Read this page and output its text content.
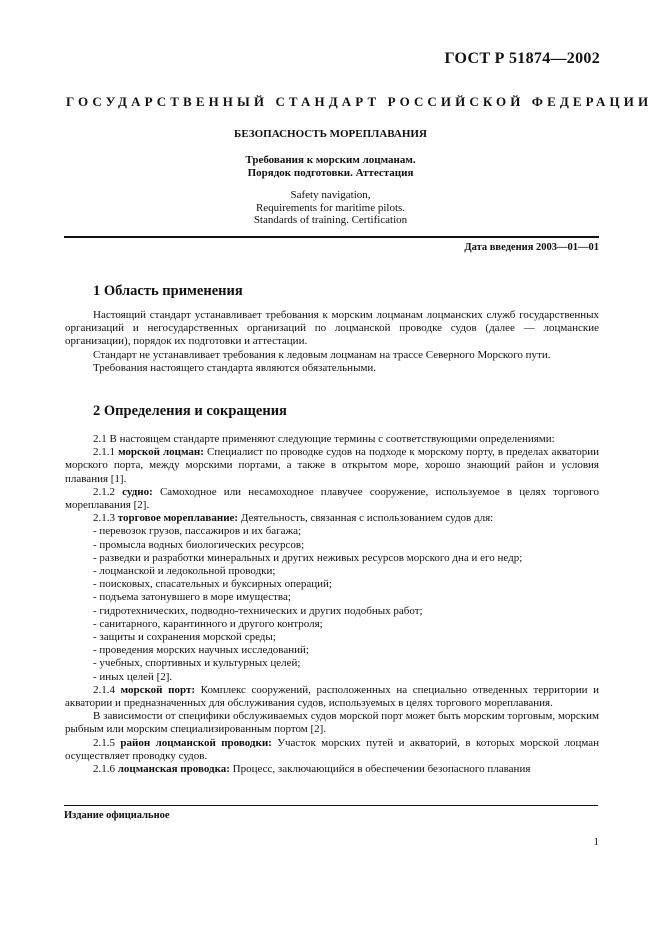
ГОСТ Р 51874—2002
ГОСУДАРСТВЕННЫЙ СТАНДАРТ РОССИЙСКОЙ ФЕДЕРАЦИИ
БЕЗОПАСНОСТЬ МОРЕПЛАВАНИЯ
Требования к морским лоцманам.
Порядок подготовки. Аттестация
Safety navigation,
Requirements for maritime pilots.
Standards of training. Certification
Дата введения 2003—01—01
1 Область применения

Настоящий стандарт устанавливает требования к морским лоцманам лоцманских служб государственных организаций и негосударственных организаций по лоцманской проводке судов (далее — лоцманские организации), порядок их подготовки и аттестации.

Стандарт не устанавливает требования к ледовым лоцманам на трассе Северного Морского пути.

Требования настоящего стандарта являются обязательными.

2 Определения и сокращения

2.1 В настоящем стандарте применяют следующие термины с соответствующими определениями:

2.1.1 морской лоцман: Специалист по проводке судов на подходе к морскому порту, в пределах акватории морского порта, между морскими портами, а также в открытом море, хорошо знающий район и условия плавания [1].

2.1.2 судно: Самоходное или несамоходное плавучее сооружение, используемое в целях торгового мореплавания [2].

2.1.3 торговое мореплавание: Деятельность, связанная с использованием судов для:

- перевозок грузов, пассажиров и их багажа;

- промысла водных биологических ресурсов;

- разведки и разработки минеральных и других неживых ресурсов морского дна и его недр;

- лоцманской и ледокольной проводки;

- поисковых, спасательных и буксирных операций;

- подъема затонувшего в море имущества;

- гидротехнических, подводно-технических и других подобных работ;

- санитарного, карантинного и другого контроля;

- защиты и сохранения морской среды;

- проведения морских научных исследований;

- учебных, спортивных и культурных целей;

- иных целей [2].

2.1.4 морской порт: Комплекс сооружений, расположенных на специально отведенных территории и акватории и предназначенных для обслуживания судов, используемых в целях торгового мореплавания.

В зависимости от специфики обслуживаемых судов морской порт может быть морским торговым, морским рыбным или морским специализированным портом [2].

2.1.5 район лоцманской проводки: Участок морских путей и акваторий, в которых морской лоцман осуществляет проводку судов.

2.1.6 лоцманская проводка: Процесс, заключающийся в обеспечении безопасного плавания

Издание официальное
1
